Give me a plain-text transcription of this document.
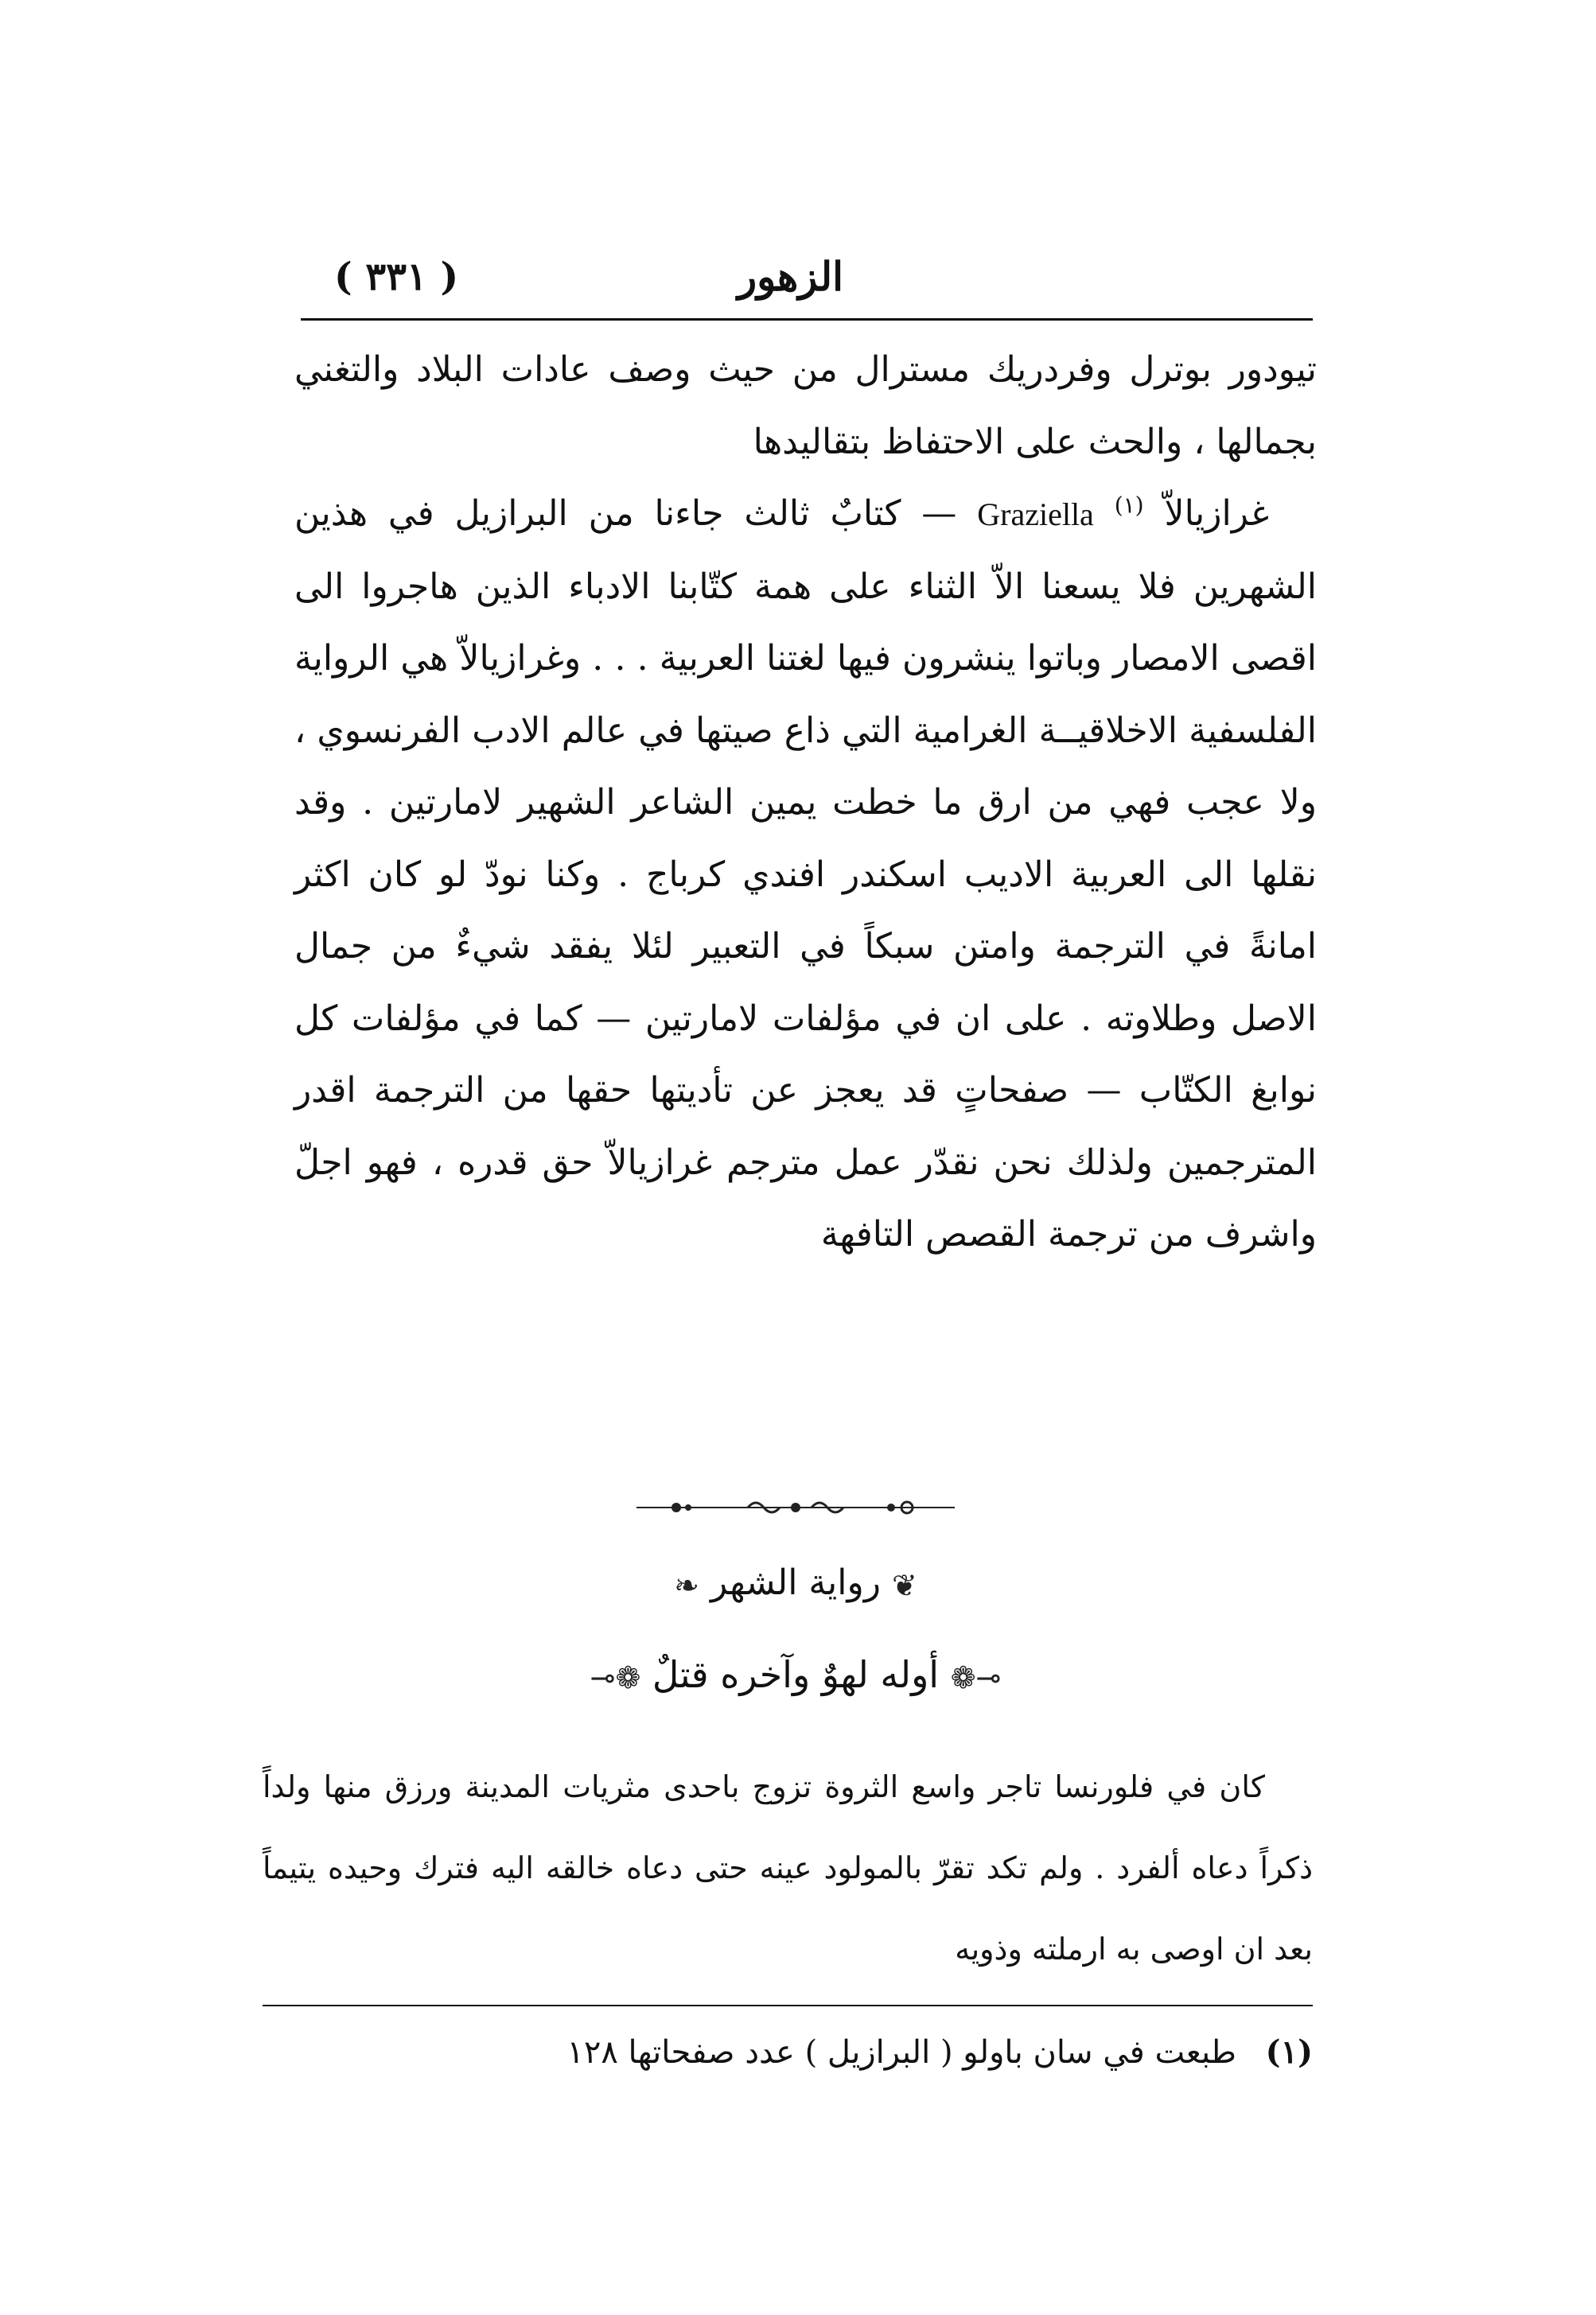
الزهور
( ٣٣١ )

تيودور بوترل وفردريك مسترال من حيث وصف عادات البلاد والتغني بجمالها ، والحث على الاحتفاظ بتقاليدها

غرازيالاّ $^{(١)}$ Graziella — كتابٌ ثالث جاءنا من البرازيل في هذين الشهرين فلا يسعنا الاّ الثناء على همة كتّابنا الادباء الذين هاجروا الى اقصى الامصار وباتوا ينشرون فيها لغتنا العربية . . . وغرازيالاّ هي الرواية الفلسفية الاخلاقيــة الغرامية التي ذاع صيتها في عالم الادب الفرنسوي ، ولا عجب فهي من ارق ما خطت يمين الشاعر الشهير لامارتين . وقد نقلها الى العربية الاديب اسكندر افندي كرباج . وكنا نودّ لو كان اكثر امانةً في الترجمة وامتن سبكاً في التعبير لئلا يفقد شيءٌ من جمال الاصل وطلاوته . على ان في مؤلفات لامارتين — كما في مؤلفات كل نوابغ الكتّاب — صفحاتٍ قد يعجز عن تأديتها حقها من الترجمة اقدر المترجمين ولذلك نحن نقدّر عمل مترجم غرازيالاّ حق قدره ، فهو اجلّ واشرف من ترجمة القصص التافهة

❦ رواية الشهر ❧
⊸❁ أوله لهوٌ وآخره قتلٌ ❁⟜
كان في فلورنسا تاجر واسع الثروة تزوج باحدى مثريات المدينة ورزق منها ولداً ذكراً دعاه ألفرد . ولم تكد تقرّ بالمولود عينه حتى دعاه خالقه اليه فترك وحيده يتيماً بعد ان اوصى به ارملته وذويه
(١) طبعت في سان باولو ( البرازيل ) عدد صفحاتها ١٢٨
